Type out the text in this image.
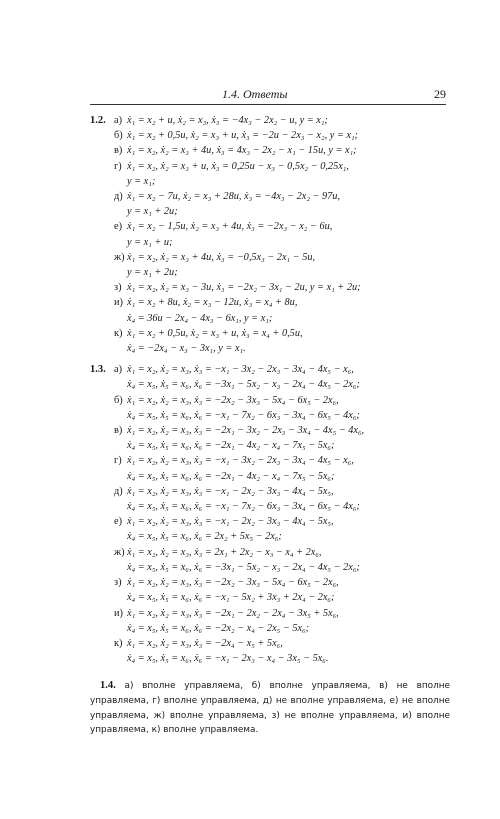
1.4. Ответы	29
1.2. а) ẋ₁ = x₂ + u, ẋ₂ = x₃, ẋ₃ = −4x₃ − 2x₂ − u, y = x₁;
б) ẋ₁ = x₂ + 0,5u, ẋ₂ = x₃ + u, ẋ₃ = −2u − 2x₃ − x₂, y = x₁;
в) ẋ₁ = x₂, ẋ₂ = x₃ + 4u, ẋ₃ = 4x₃ − 2x₂ − x₁ − 15u, y = x₁;
г) ẋ₁ = x₂, ẋ₂ = x₃ + u, ẋ₃ = 0,25u − x₃ − 0,5x₂ − 0,25x₁,
y = x₁;
д) ẋ₁ = x₂ − 7u, ẋ₂ = x₃ + 28u, ẋ₃ = −4x₃ − 2x₂ − 97u,
y = x₁ + 2u;
е) ẋ₁ = x₂ − 1,5u, ẋ₂ = x₃ + 4u, ẋ₃ = −2x₃ − x₂ − 6u,
y = x₁ + u;
ж) ẋ₁ = x₂, ẋ₂ = x₃ + 4u, ẋ₃ = −0,5x₃ − 2x₁ − 5u,
y = x₁ + 2u;
з) ẋ₁ = x₂, ẋ₂ = x₃ − 3u, ẋ₃ = −2x₂ − 3x₁ − 2u, y = x₁ + 2u;
и) ẋ₁ = x₂ + 8u, ẋ₂ = x₃ − 12u, ẋ₃ = x₄ + 8u,
ẋ₄ = 36u − 2x₄ − 4x₃ − 6x₁, y = x₁;
к) ẋ₁ = x₂ + 0,5u, ẋ₂ = x₃ + u, ẋ₃ = x₄ + 0,5u,
ẋ₄ = −2x₄ − x₃ − 3x₁, y = x₁.
1.3. а) ẋ₁ = x₂, ẋ₂ = x₃, ẋ₃ = −x₁ − 3x₂ − 2x₃ − 3x₄ − 4x₅ − x₆,
ẋ₄ = x₅, ẋ₅ = x₆, ẋ₆ = −3x₁ − 5x₂ − x₃ − 2x₄ − 4x₅ − 2x₆;
б) ẋ₁ = x₂, ẋ₂ = x₃, ẋ₃ = −2x₂ − 3x₃ − 5x₄ − 6x₅ − 2x₆,
ẋ₄ = x₅, ẋ₅ = x₆, ẋ₆ = −x₁ − 7x₂ − 6x₃ − 3x₄ − 6x₅ − 4x₆;
в) ẋ₁ = x₂, ẋ₂ = x₃, ẋ₃ = −2x₁ − 3x₂ − 2x₃ − 3x₄ − 4x₅ − 4x₆,
ẋ₄ = x₅, ẋ₅ = x₆, ẋ₆ = −2x₁ − 4x₂ − x₄ − 7x₅ − 5x₆;
г) ẋ₁ = x₂, ẋ₂ = x₃, ẋ₃ = −x₁ − 3x₂ − 2x₃ − 3x₄ − 4x₅ − x₆,
ẋ₄ = x₅, ẋ₅ = x₆, ẋ₆ = −2x₁ − 4x₂ − x₄ − 7x₅ − 5x₆;
д) ẋ₁ = x₂, ẋ₂ = x₃, ẋ₃ = −x₁ − 2x₂ − 3x₃ − 4x₄ − 5x₅,
ẋ₄ = x₅, ẋ₅ = x₆, ẋ₆ = −x₁ − 7x₂ − 6x₃ − 3x₄ − 6x₅ − 4x₆;
е) ẋ₁ = x₂, ẋ₂ = x₃, ẋ₃ = −x₁ − 2x₂ − 3x₃ − 4x₄ − 5x₅,
ẋ₄ = x₅, ẋ₅ = x₆, ẋ₆ = 2x₂ + 5x₅ − 2x₆;
ж) ẋ₁ = x₂, ẋ₂ = x₃, ẋ₃ = 2x₁ + 2x₂ − x₃ − x₄ + 2x₆,
ẋ₄ = x₅, ẋ₅ = x₆, ẋ₆ = −3x₁ − 5x₂ − x₃ − 2x₄ − 4x₅ − 2x₆;
з) ẋ₁ = x₂, ẋ₂ = x₃, ẋ₃ = −2x₂ − 3x₃ − 5x₄ − 6x₅ − 2x₆,
ẋ₄ = x₅, ẋ₅ = x₆, ẋ₆ = −x₁ − 5x₂ + 3x₃ + 2x₄ − 2x₆;
и) ẋ₁ = x₂, ẋ₂ = x₃, ẋ₃ = −2x₁ − 2x₂ − 2x₄ − 3x₅ + 5x₆,
ẋ₄ = x₅, ẋ₅ = x₆, ẋ₆ = −2x₂ − x₄ − 2x₅ − 5x₆;
к) ẋ₁ = x₂, ẋ₂ = x₃, ẋ₃ = −2x₄ − x₅ + 5x₆,
ẋ₄ = x₅, ẋ₅ = x₆, ẋ₆ = −x₁ − 2x₃ − x₄ − 3x₅ − 5x₆.
1.4. а) вполне управляема, б) вполне управляема, в) не вполне управляема, г) вполне управляема, д) не вполне управляема, е) не вполне управляема, ж) вполне управляема, з) не вполне управляема, и) вполне управляема, к) вполне управляема.
